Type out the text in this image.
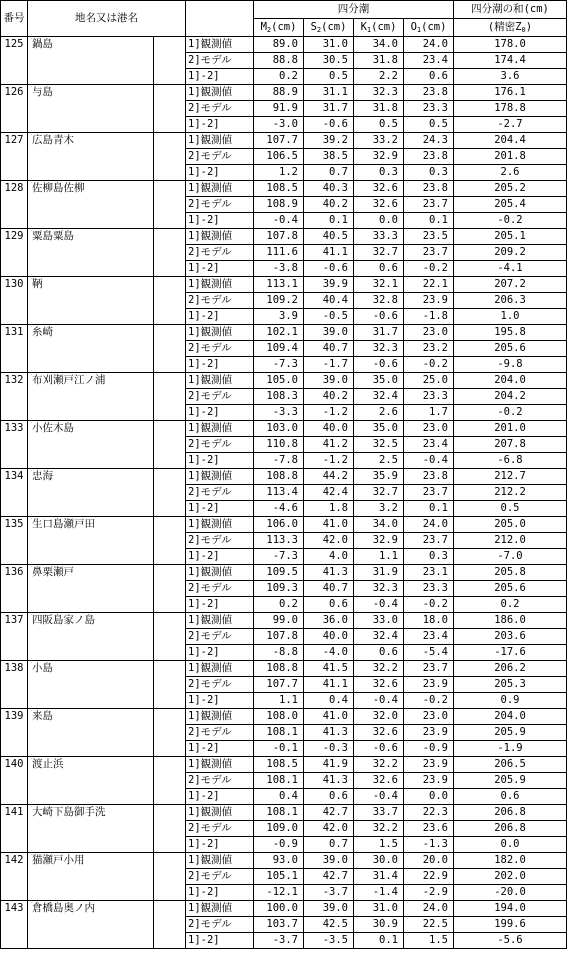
番号	地名又は港名			四分潮				四分潮の和(cm)
				$M_2(cm)$	$S_2(cm)$	$K_1(cm)$	$O_1(cm)$	(精密$Z_0$)
125	鍋島		1]観測値	89.0	31.0	34.0	24.0	178.0
			2]モデル	88.8	30.5	31.8	23.4	174.4
			1]-2]	0.2	0.5	2.2	0.6	3.6
126	与島		1]観測値	88.9	31.1	32.3	23.8	176.1
			2]モデル	91.9	31.7	31.8	23.3	178.8
			1]-2]	-3.0	-0.6	0.5	0.5	-2.7
127	広島青木		1]観測値	107.7	39.2	33.2	24.3	204.4
			2]モデル	106.5	38.5	32.9	23.8	201.8
			1]-2]	1.2	0.7	0.3	0.3	2.6
128	佐柳島佐柳		1]観測値	108.5	40.3	32.6	23.8	205.2
			2]モデル	108.9	40.2	32.6	23.7	205.4
			1]-2]	-0.4	0.1	0.0	0.1	-0.2
129	粟島粟島		1]観測値	107.8	40.5	33.3	23.5	205.1
			2]モデル	111.6	41.1	32.7	23.7	209.2
			1]-2]	-3.8	-0.6	0.6	-0.2	-4.1
130	鞆		1]観測値	113.1	39.9	32.1	22.1	207.2
			2]モデル	109.2	40.4	32.8	23.9	206.3
			1]-2]	3.9	-0.5	-0.6	-1.8	1.0
131	糸崎		1]観測値	102.1	39.0	31.7	23.0	195.8
			2]モデル	109.4	40.7	32.3	23.2	205.6
			1]-2]	-7.3	-1.7	-0.6	-0.2	-9.8
132	布刈瀬戸江ノ浦		1]観測値	105.0	39.0	35.0	25.0	204.0
			2]モデル	108.3	40.2	32.4	23.3	204.2
			1]-2]	-3.3	-1.2	2.6	1.7	-0.2
133	小佐木島		1]観測値	103.0	40.0	35.0	23.0	201.0
			2]モデル	110.8	41.2	32.5	23.4	207.8
			1]-2]	-7.8	-1.2	2.5	-0.4	-6.8
134	忠海		1]観測値	108.8	44.2	35.9	23.8	212.7
			2]モデル	113.4	42.4	32.7	23.7	212.2
			1]-2]	-4.6	1.8	3.2	0.1	0.5
135	生口島瀬戸田		1]観測値	106.0	41.0	34.0	24.0	205.0
			2]モデル	113.3	42.0	32.9	23.7	212.0
			1]-2]	-7.3	4.0	1.1	0.3	-7.0
136	鼻栗瀬戸		1]観測値	109.5	41.3	31.9	23.1	205.8
			2]モデル	109.3	40.7	32.3	23.3	205.6
			1]-2]	0.2	0.6	-0.4	-0.2	0.2
137	四阪島家ノ島		1]観測値	99.0	36.0	33.0	18.0	186.0
			2]モデル	107.8	40.0	32.4	23.4	203.6
			1]-2]	-8.8	-4.0	0.6	-5.4	-17.6
138	小島		1]観測値	108.8	41.5	32.2	23.7	206.2
			2]モデル	107.7	41.1	32.6	23.9	205.3
			1]-2]	1.1	0.4	-0.4	-0.2	0.9
139	来島		1]観測値	108.0	41.0	32.0	23.0	204.0
			2]モデル	108.1	41.3	32.6	23.9	205.9
			1]-2]	-0.1	-0.3	-0.6	-0.9	-1.9
140	渡止浜		1]観測値	108.5	41.9	32.2	23.9	206.5
			2]モデル	108.1	41.3	32.6	23.9	205.9
			1]-2]	0.4	0.6	-0.4	0.0	0.6
141	大崎下島御手洗		1]観測値	108.1	42.7	33.7	22.3	206.8
			2]モデル	109.0	42.0	32.2	23.6	206.8
			1]-2]	-0.9	0.7	1.5	-1.3	0.0
142	猫瀬戸小用		1]観測値	93.0	39.0	30.0	20.0	182.0
			2]モデル	105.1	42.7	31.4	22.9	202.0
			1]-2]	-12.1	-3.7	-1.4	-2.9	-20.0
143	倉橋島奥ノ内		1]観測値	100.0	39.0	31.0	24.0	194.0
			2]モデル	103.7	42.5	30.9	22.5	199.6
			1]-2]	-3.7	-3.5	0.1	1.5	-5.6
